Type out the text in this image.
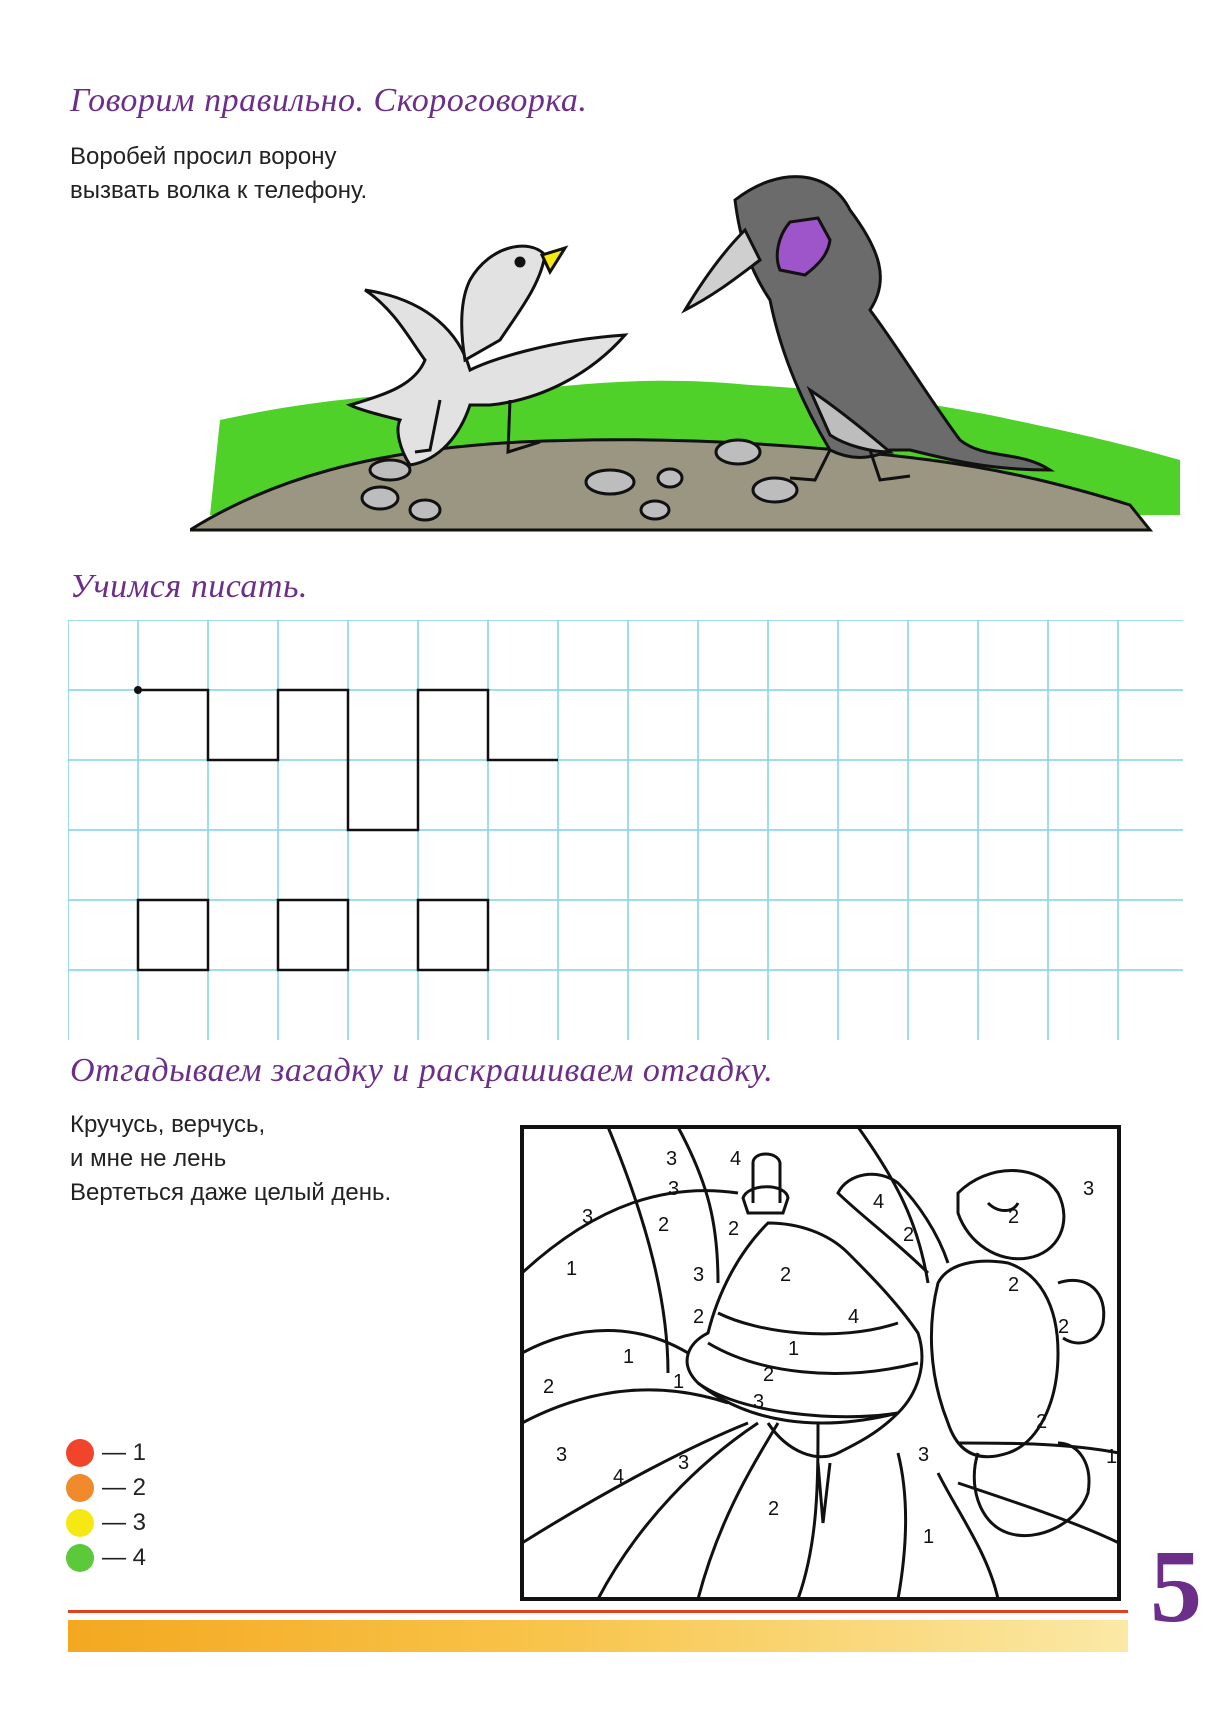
Говорим правильно. Скороговорка.
Воробей просил ворону
вызвать волка к телефону.
Учимся писать.
Отгадываем загадку и раскрашиваем отгадку.
Кручусь, верчусь,
и мне не лень
Вертеться даже целый день.
3	4
3
3
2	2
4
1
2
3	2
2
3
2
4
2
1
1
1
2
2
3
2
2
3	1
3
4
3
2
1
— 1
— 2
— 3
— 4	5
